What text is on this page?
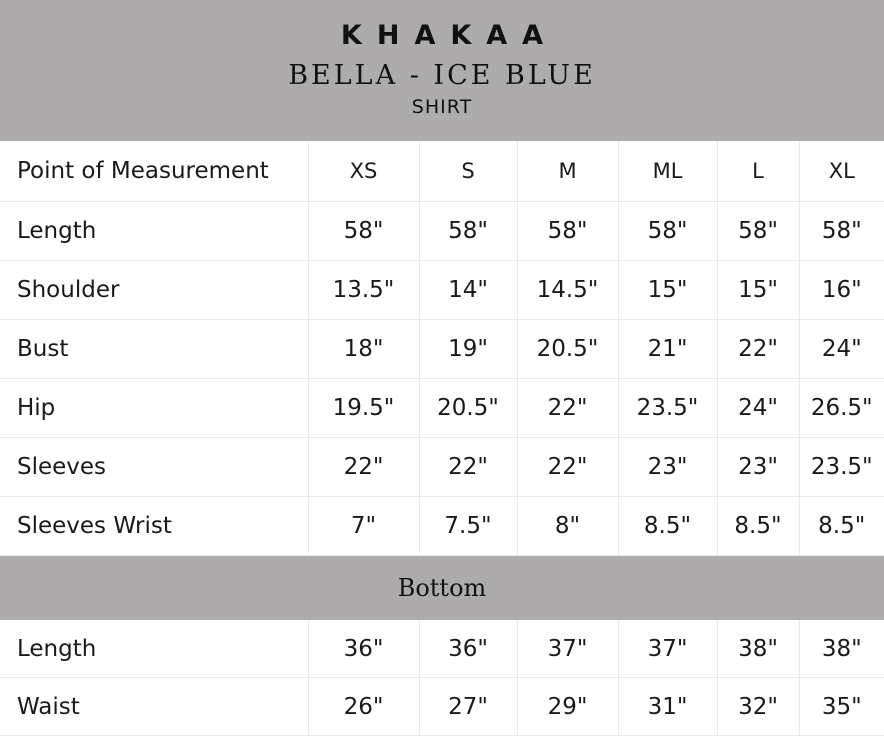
KHAKAA
BELLA - ICE BLUE
SHIRT
Point of Measurement	XS	S	M	ML	L	XL
Length	58"	58"	58"	58"	58"	58"
Shoulder	13.5"	14"	14.5"	15"	15"	16"
Bust	18"	19"	20.5"	21"	22"	24"
Hip	19.5"	20.5"	22"	23.5"	24"	26.5"
Sleeves	22"	22"	22"	23"	23"	23.5"
Sleeves Wrist	7"	7.5"	8"	8.5"	8.5"	8.5"
Bottom
Length	36"	36"	37"	37"	38"	38"
Waist	26"	27"	29"	31"	32"	35"
